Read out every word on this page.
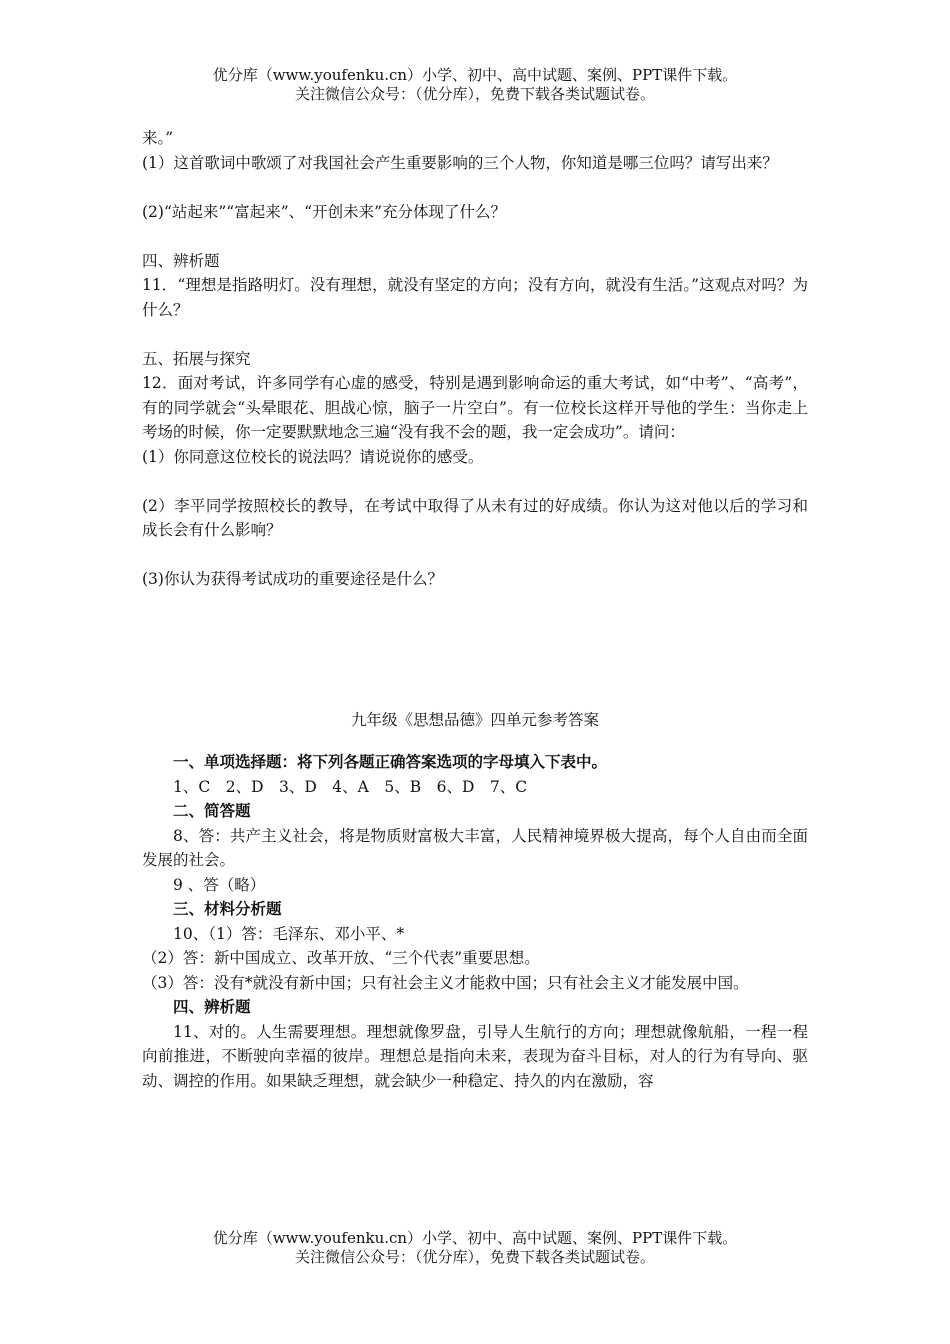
优分库（www.youfenku.cn）小学、初中、高中试题、案例、PPT课件下载。
关注微信公众号：（优分库），免费下载各类试题试卷。

来。”

(1）这首歌词中歌颂了对我国社会产生重要影响的三个人物，你知道是哪三位吗？请写出来？

(2)“站起来”“富起来”、“开创未来”充分体现了什么？

四、辨析题

11．“理想是指路明灯。没有理想，就没有坚定的方向；没有方向，就没有生活。”这观点对吗？为什么？

五、拓展与探究

12．面对考试，许多同学有心虚的感受，特别是遇到影响命运的重大考试，如“中考”、“高考”，有的同学就会“头晕眼花、胆战心惊，脑子一片空白”。有一位校长这样开导他的学生：当你走上考场的时候，你一定要默默地念三遍“没有我不会的题，我一定会成功”。请问：

(1）你同意这位校长的说法吗？请说说你的感受。

(2）李平同学按照校长的教导，在考试中取得了从未有过的好成绩。你认为这对他以后的学习和成长会有什么影响？

(3)你认为获得考试成功的重要途径是什么？

九年级《思想品德》四单元参考答案

一、单项选择题：将下列各题正确答案选项的字母填入下表中。

1、C　2、D　3、D　4、A　5、B　6、D　7、C

二、简答题

8、答：共产主义社会，将是物质财富极大丰富，人民精神境界极大提高，每个人自由而全面发展的社会。

9 、答（略）

三、材料分析题

10、（1）答：毛泽东、邓小平、*

（2）答：新中国成立、改革开放、“三个代表”重要思想。

（3）答：没有*就没有新中国；只有社会主义才能救中国；只有社会主义才能发展中国。

四、辨析题

11、对的。人生需要理想。理想就像罗盘，引导人生航行的方向；理想就像航船，一程一程向前推进，不断驶向幸福的彼岸。理想总是指向未来，表现为奋斗目标，对人的行为有导向、驱动、调控的作用。如果缺乏理想，就会缺少一种稳定、持久的内在激励，容

优分库（www.youfenku.cn）小学、初中、高中试题、案例、PPT课件下载。
关注微信公众号：（优分库），免费下载各类试题试卷。
